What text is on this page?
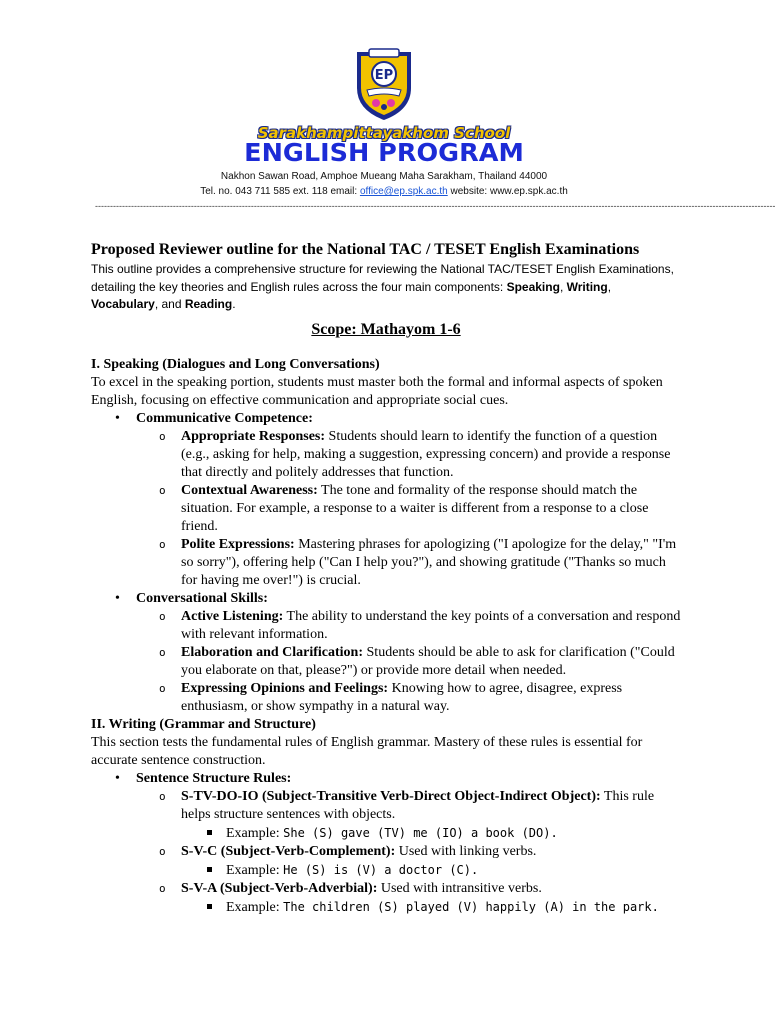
EP
Sarakhampittayakhom School
ENGLISH PROGRAM
Nakhon Sawan Road, Amphoe Mueang Maha Sarakham, Thailand 44000
Tel. no. 043 711 585 ext. 118 email: office@ep.spk.ac.th website: www.ep.spk.ac.th
-----------------------------------------------------------------------------------------------------------------------------------------------------------------------------------------------------------------------------------
Proposed Reviewer outline for the National TAC / TESET English Examinations

This outline provides a comprehensive structure for reviewing the National TAC/TESET English Examinations, detailing the key theories and English rules across the four main components: Speaking, Writing, Vocabulary, and Reading.

Scope: Mathayom 1-6
I. Speaking (Dialogues and Long Conversations)

To excel in the speaking portion, students must master both the formal and informal aspects of spoken English, focusing on effective communication and appropriate social cues.

• Communicative Competence:
o Appropriate Responses: Students should learn to identify the function of a question (e.g., asking for help, making a suggestion, expressing concern) and provide a response that directly and politely addresses that function.
o Contextual Awareness: The tone and formality of the response should match the situation. For example, a response to a waiter is different from a response to a close friend.
o Polite Expressions: Mastering phrases for apologizing ("I apologize for the delay," "I'm so sorry"), offering help ("Can I help you?"), and showing gratitude ("Thanks so much for having me over!") is crucial.
• Conversational Skills:
o Active Listening: The ability to understand the key points of a conversation and respond with relevant information.
o Elaboration and Clarification: Students should be able to ask for clarification ("Could you elaborate on that, please?") or provide more detail when needed.
o Expressing Opinions and Feelings: Knowing how to agree, disagree, express enthusiasm, or show sympathy in a natural way.
II. Writing (Grammar and Structure)

This section tests the fundamental rules of English grammar. Mastery of these rules is essential for accurate sentence construction.

• Sentence Structure Rules:
o S-TV-DO-IO (Subject-Transitive Verb-Direct Object-Indirect Object): This rule helps structure sentences with objects.
Example: She (S) gave (TV) me (IO) a book (DO).
o S-V-C (Subject-Verb-Complement): Used with linking verbs.
Example: He (S) is (V) a doctor (C).
o S-V-A (Subject-Verb-Adverbial): Used with intransitive verbs.
Example: The children (S) played (V) happily (A) in the park.
